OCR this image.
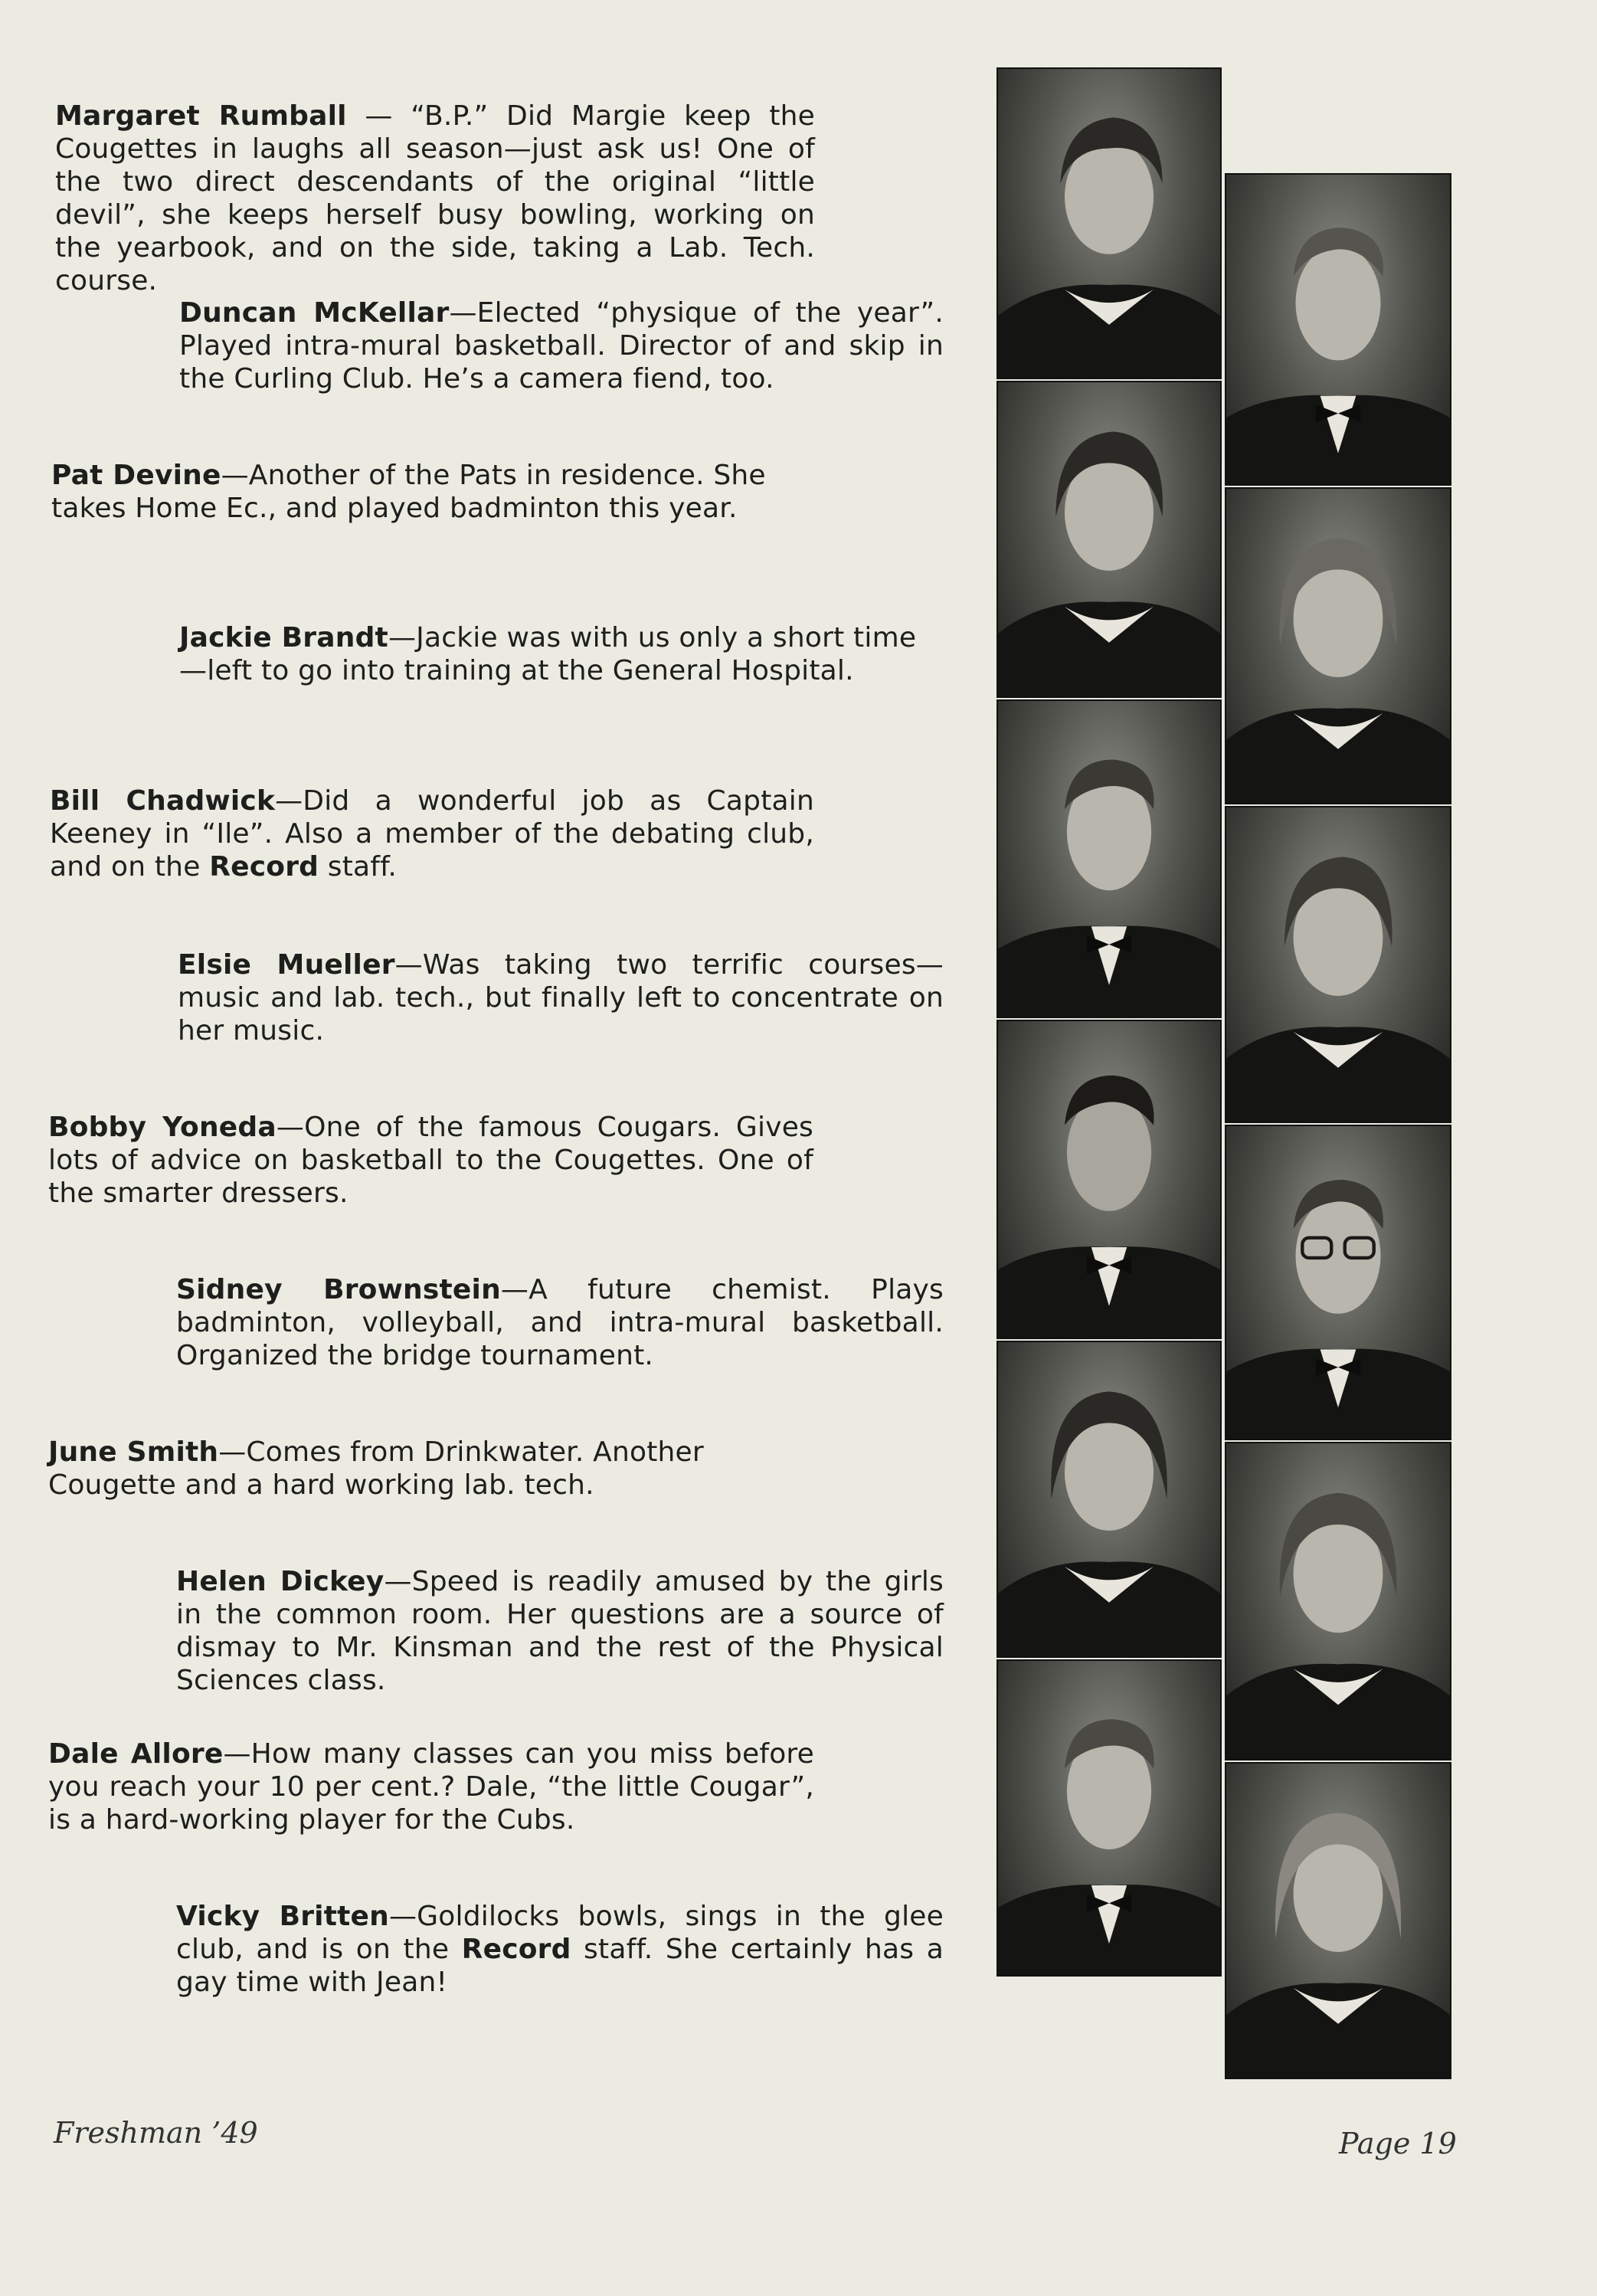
Margaret Rumball — “B.P.” Did Margie keep the Cougettes in laughs all season—just ask us! One of the two direct descendants of the original “little devil”, she keeps herself busy bowling, working on the yearbook, and on the side, taking a Lab. Tech. course.
Duncan McKellar—Elected “physique of the year”. Played intra-mural basketball. Director of and skip in the Curling Club. He’s a camera fiend, too.
Pat Devine—Another of the Pats in residence. She takes Home Ec., and played badminton this year.
Jackie Brandt—Jackie was with us only a short time—left to go into training at the General Hospital.
Bill Chadwick—Did a wonderful job as Captain Keeney in “Ile”. Also a member of the debating club, and on the Record staff.
Elsie Mueller—Was taking two terrific courses—music and lab. tech., but finally left to concentrate on her music.
Bobby Yoneda—One of the famous Cougars. Gives lots of advice on basketball to the Cougettes. One of the smarter dressers.
Sidney Brownstein—A future chemist. Plays badminton, volleyball, and intra-mural basketball. Organized the bridge tournament.
June Smith—Comes from Drinkwater. Another Cougette and a hard working lab. tech.
Helen Dickey—Speed is readily amused by the girls in the common room. Her questions are a source of dismay to Mr. Kinsman and the rest of the Physical Sciences class.
Dale Allore—How many classes can you miss before you reach your 10 per cent.? Dale, “the little Cougar”, is a hard-working player for the Cubs.
Vicky Britten—Goldilocks bowls, sings in the glee club, and is on the Record staff. She certainly has a gay time with Jean!
Freshman ’49	Page 19
